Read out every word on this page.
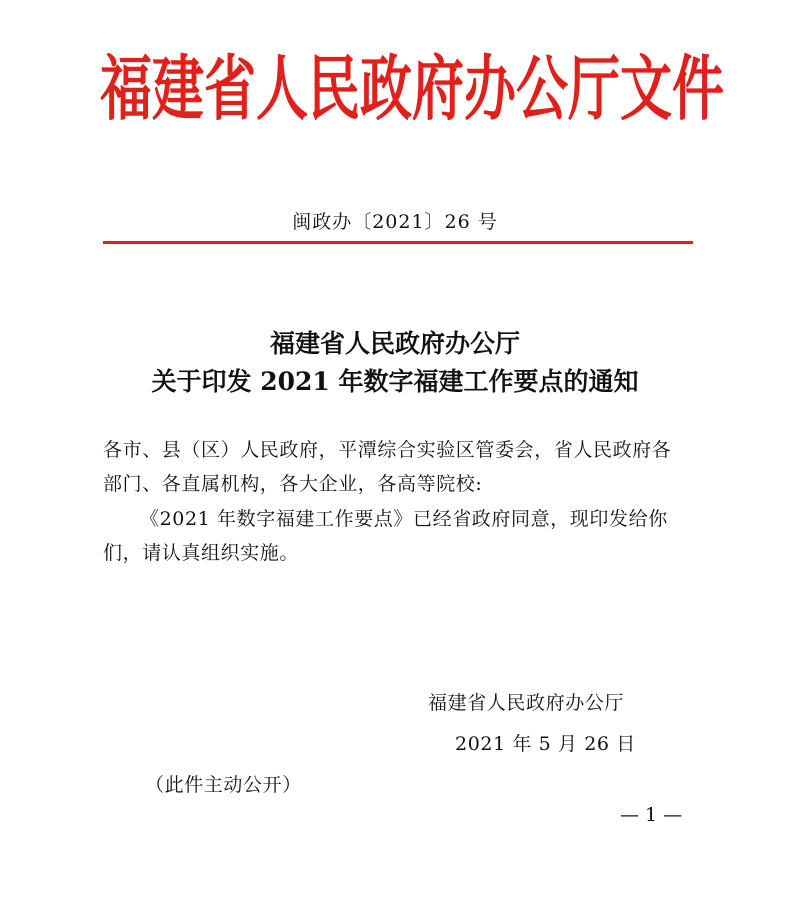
福建省人民政府办公厅文件
闽政办〔2021〕26 号
福建省人民政府办公厅
关于印发 2021 年数字福建工作要点的通知
各市、县（区）人民政府，平潭综合实验区管委会，省人民政府各
部门、各直属机构，各大企业，各高等院校:
《2021 年数字福建工作要点》已经省政府同意，现印发给你
们，请认真组织实施。
福建省人民政府办公厅
2021 年 5 月 26 日
（此件主动公开）
— 1 —
